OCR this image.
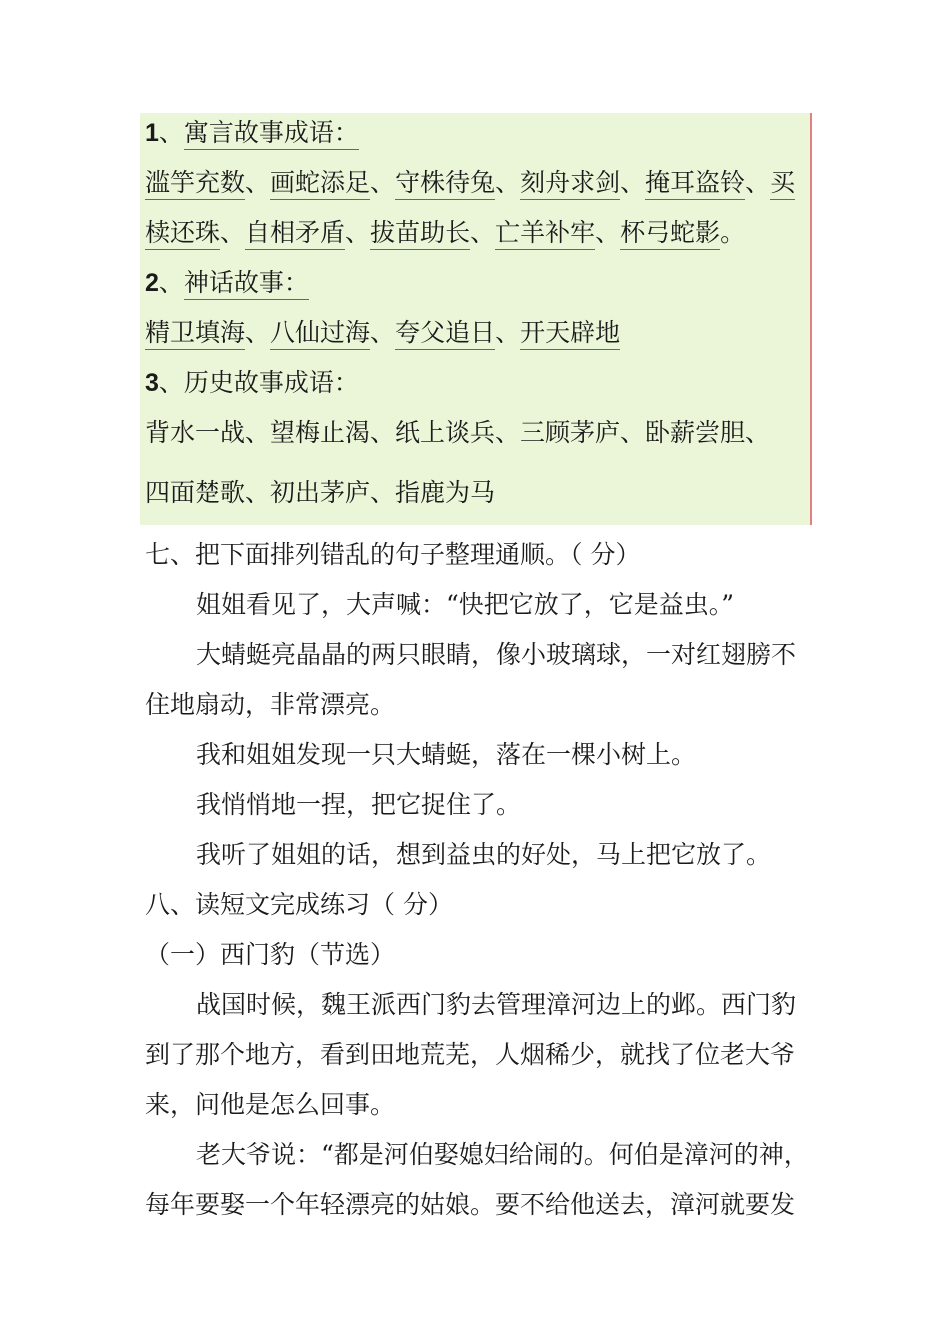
1、寓言故事成语：
滥竽充数、画蛇添足、守株待兔、刻舟求剑、掩耳盗铃、买
椟还珠、自相矛盾、拔苗助长、亡羊补牢、杯弓蛇影。
2、神话故事：
精卫填海、八仙过海、夸父追日、开天辟地
3、历史故事成语：
背水一战、望梅止渴、纸上谈兵、三顾茅庐、卧薪尝胆、
四面楚歌、初出茅庐、指鹿为马
七、把下面排列错乱的句子整理通顺。（ 分）
姐姐看见了，大声喊：“快把它放了，它是益虫。”
大蜻蜓亮晶晶的两只眼睛，像小玻璃球，一对红翅膀不
住地扇动，非常漂亮。
我和姐姐发现一只大蜻蜓，落在一棵小树上。
我悄悄地一捏，把它捉住了。
我听了姐姐的话，想到益虫的好处，马上把它放了。
八、读短文完成练习（ 分）
（一）西门豹（节选）
战国时候，魏王派西门豹去管理漳河边上的邺。西门豹
到了那个地方，看到田地荒芜，人烟稀少，就找了位老大爷
来，问他是怎么回事。
老大爷说：“都是河伯娶媳妇给闹的。何伯是漳河的神，
每年要娶一个年轻漂亮的姑娘。要不给他送去，漳河就要发
